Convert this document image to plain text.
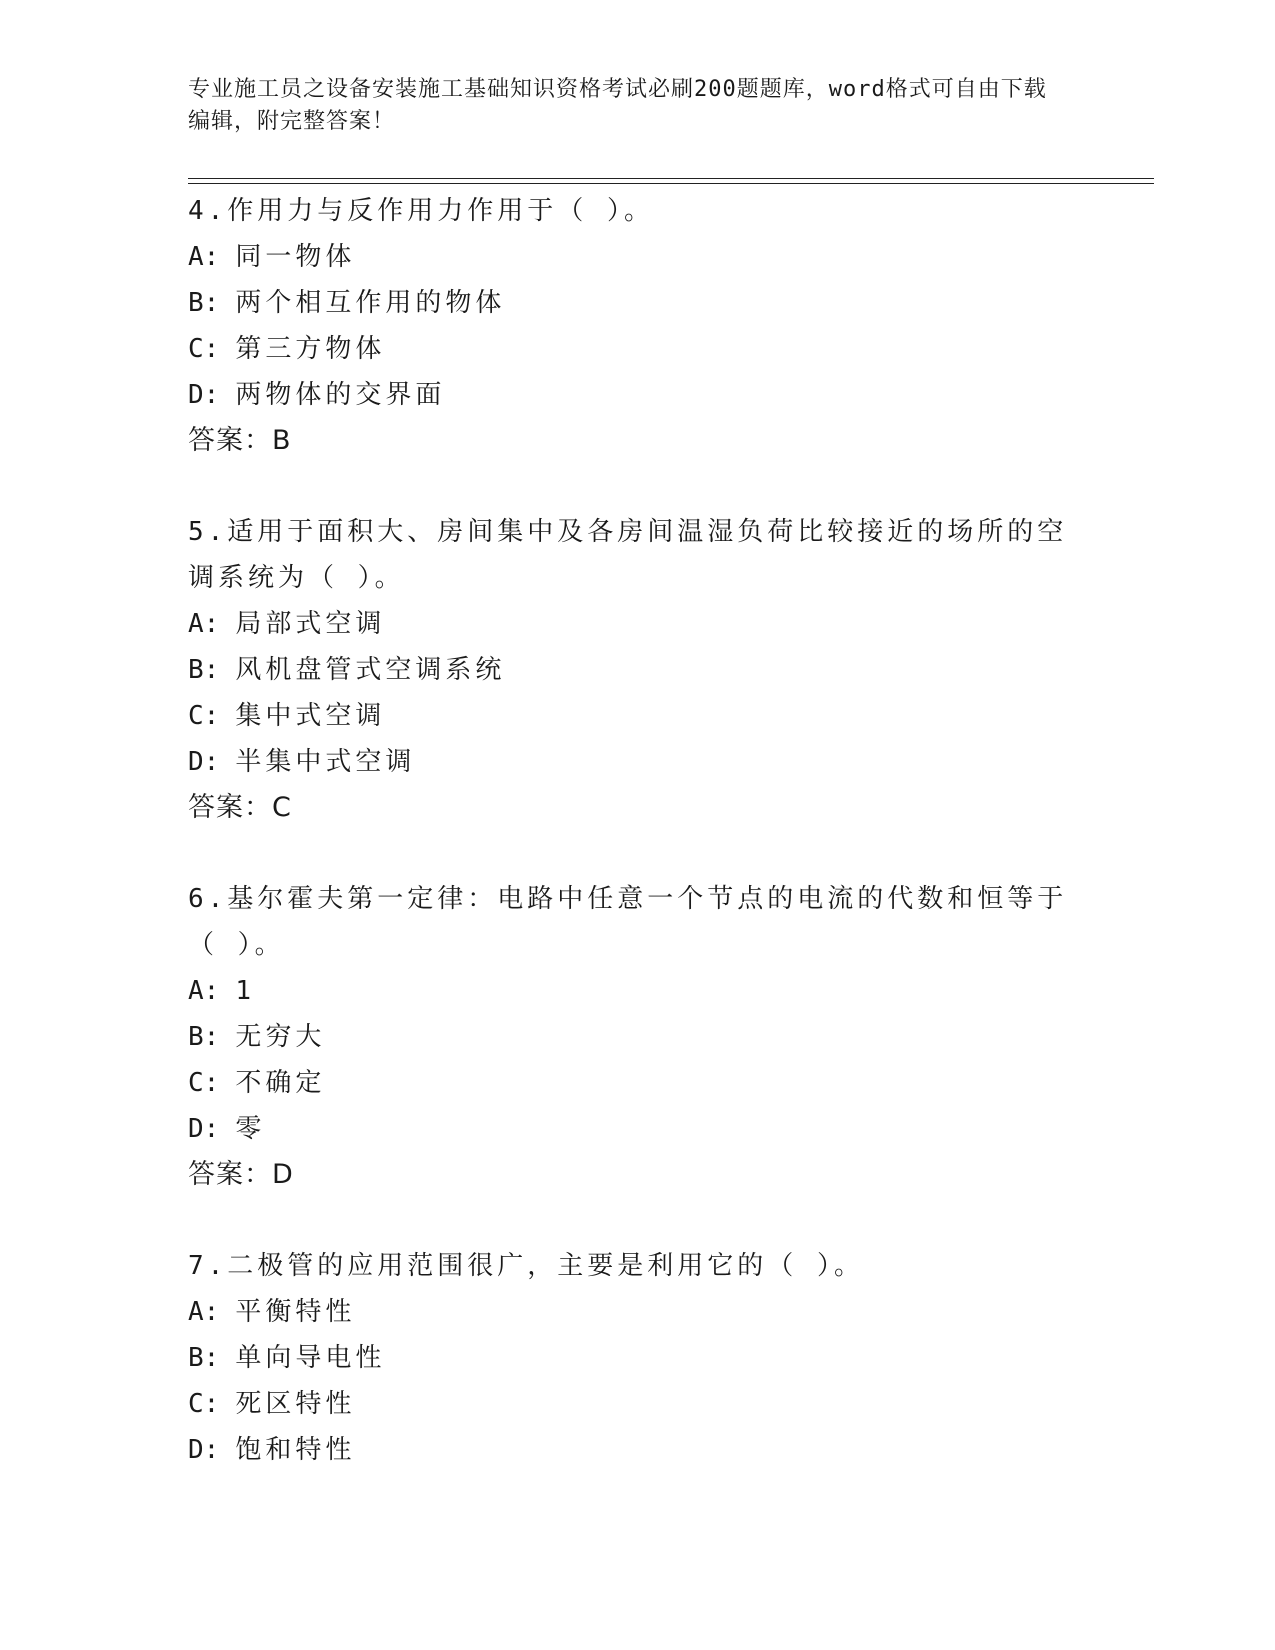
专业施工员之设备安装施工基础知识资格考试必刷200题题库，word格式可自由下载编辑，附完整答案！
4.作用力与反作用力作用于（ ）。
A: 同一物体
B: 两个相互作用的物体
C: 第三方物体
D: 两物体的交界面
答案：B
5.适用于面积大、房间集中及各房间温湿负荷比较接近的场所的空调系统为（ ）。
A: 局部式空调
B: 风机盘管式空调系统
C: 集中式空调
D: 半集中式空调
答案：C
6.基尔霍夫第一定律：电路中任意一个节点的电流的代数和恒等于（ ）。
A: 1
B: 无穷大
C: 不确定
D: 零
答案：D
7.二极管的应用范围很广，主要是利用它的（ ）。
A: 平衡特性
B: 单向导电性
C: 死区特性
D: 饱和特性
